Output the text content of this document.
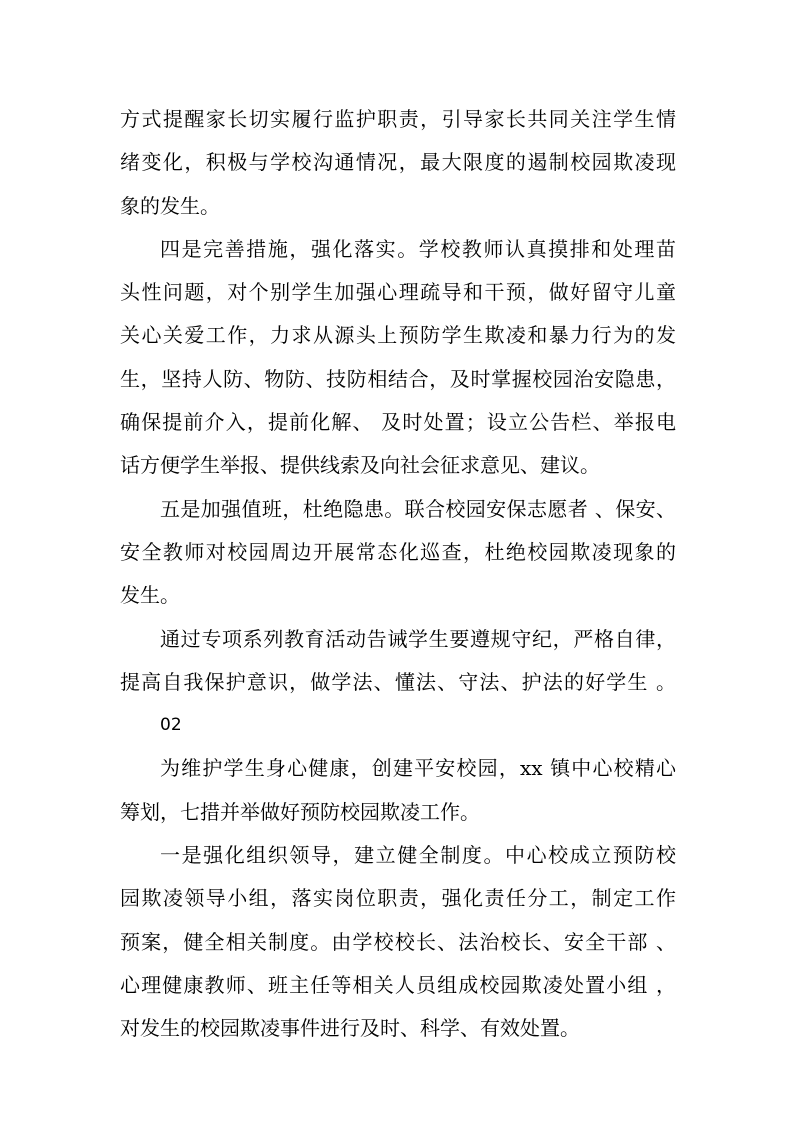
方式提醒家长切实履行监护职责，引导家长共同关注学生情

绪变化，积极与学校沟通情况，最大限度的遏制校园欺凌现

象的发生。

四是完善措施，强化落实。学校教师认真摸排和处理苗

头性问题，对个别学生加强心理疏导和干预，做好留守儿童

关心关爱工作，力求从源头上预防学生欺凌和暴力行为的发

生，坚持人防、物防、技防相结合，及时掌握校园治安隐患，

确保提前介入，提前化解、 及时处置；设立公告栏、举报电

话方便学生举报、提供线索及向社会征求意见、建议。

五是加强值班，杜绝隐患。联合校园安保志愿者 、保安、

安全教师对校园周边开展常态化巡查，杜绝校园欺凌现象的

发生。

通过专项系列教育活动告诫学生要遵规守纪，严格自律，

提高自我保护意识，做学法、懂法、守法、护法的好学生 。

02

为维护学生身心健康，创建平安校园，xx 镇中心校精心

筹划，七措并举做好预防校园欺凌工作。

一是强化组织领导，建立健全制度。中心校成立预防校

园欺凌领导小组，落实岗位职责，强化责任分工，制定工作

预案，健全相关制度。由学校校长、法治校长、安全干部 、

心理健康教师、班主任等相关人员组成校园欺凌处置小组 ，

对发生的校园欺凌事件进行及时、科学、有效处置。
